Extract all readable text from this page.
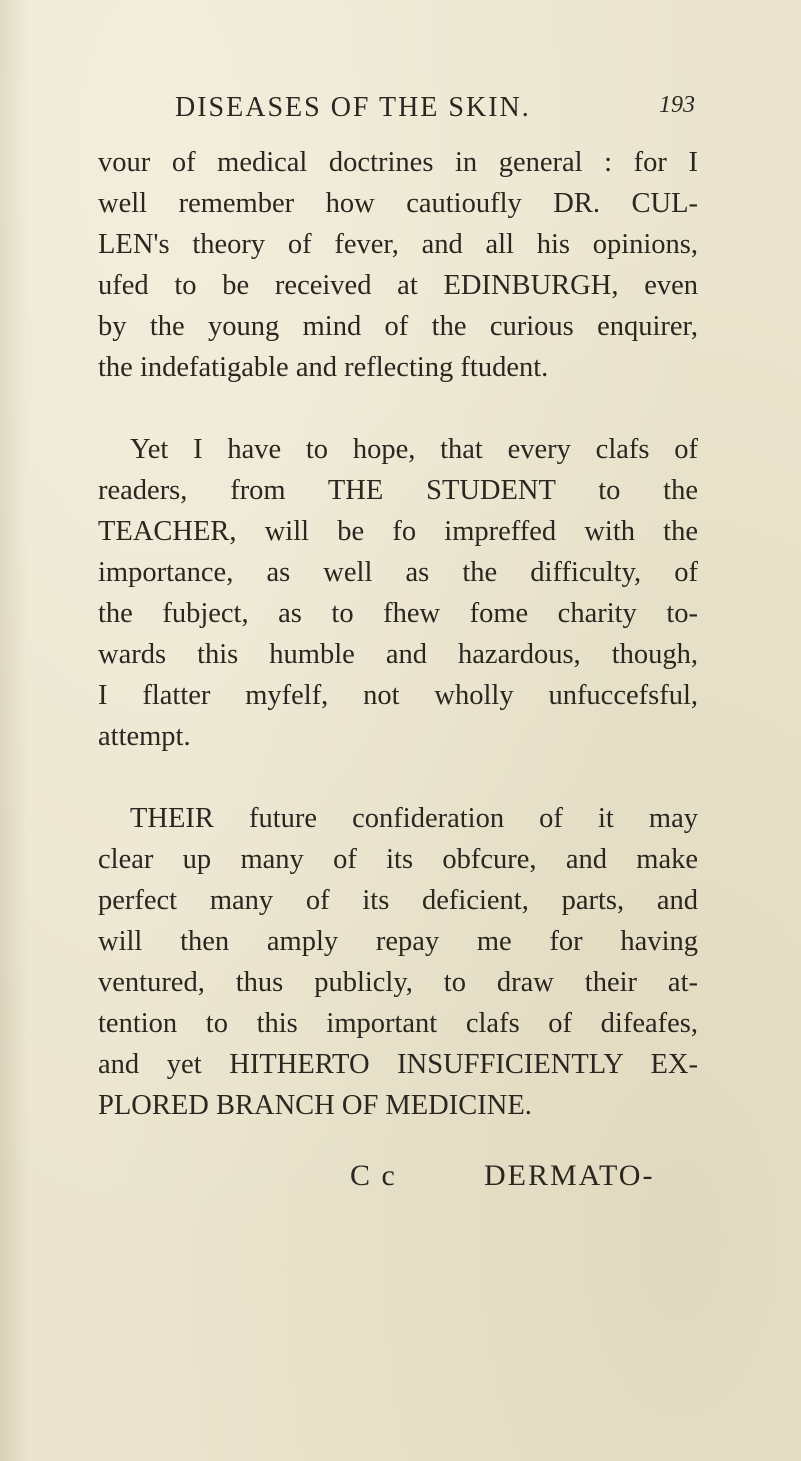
DISEASES OF THE SKIN.	193
vour of medical doctrines in general : for I
well remember how cautioufly DR. CUL-
LEN's theory of fever, and all his opinions,
ufed to be received at EDINBURGH, even
by the young mind of the curious enquirer,
the indefatigable and reflecting ftudent.
Yet I have to hope, that every clafs of
readers, from THE STUDENT to the
TEACHER, will be fo impreffed with the
importance, as well as the difficulty, of
the fubject, as to fhew fome charity to-
wards this humble and hazardous, though,
I flatter myfelf, not wholly unfuccefsful,
attempt.
THEIR future confideration of it may
clear up many of its obfcure, and make
perfect many of its deficient, parts, and
will then amply repay me for having
ventured, thus publicly, to draw their at-
tention to this important clafs of difeafes,
and yet HITHERTO INSUFFICIENTLY EX-
PLORED BRANCH OF MEDICINE.
C c	DERMATO-
